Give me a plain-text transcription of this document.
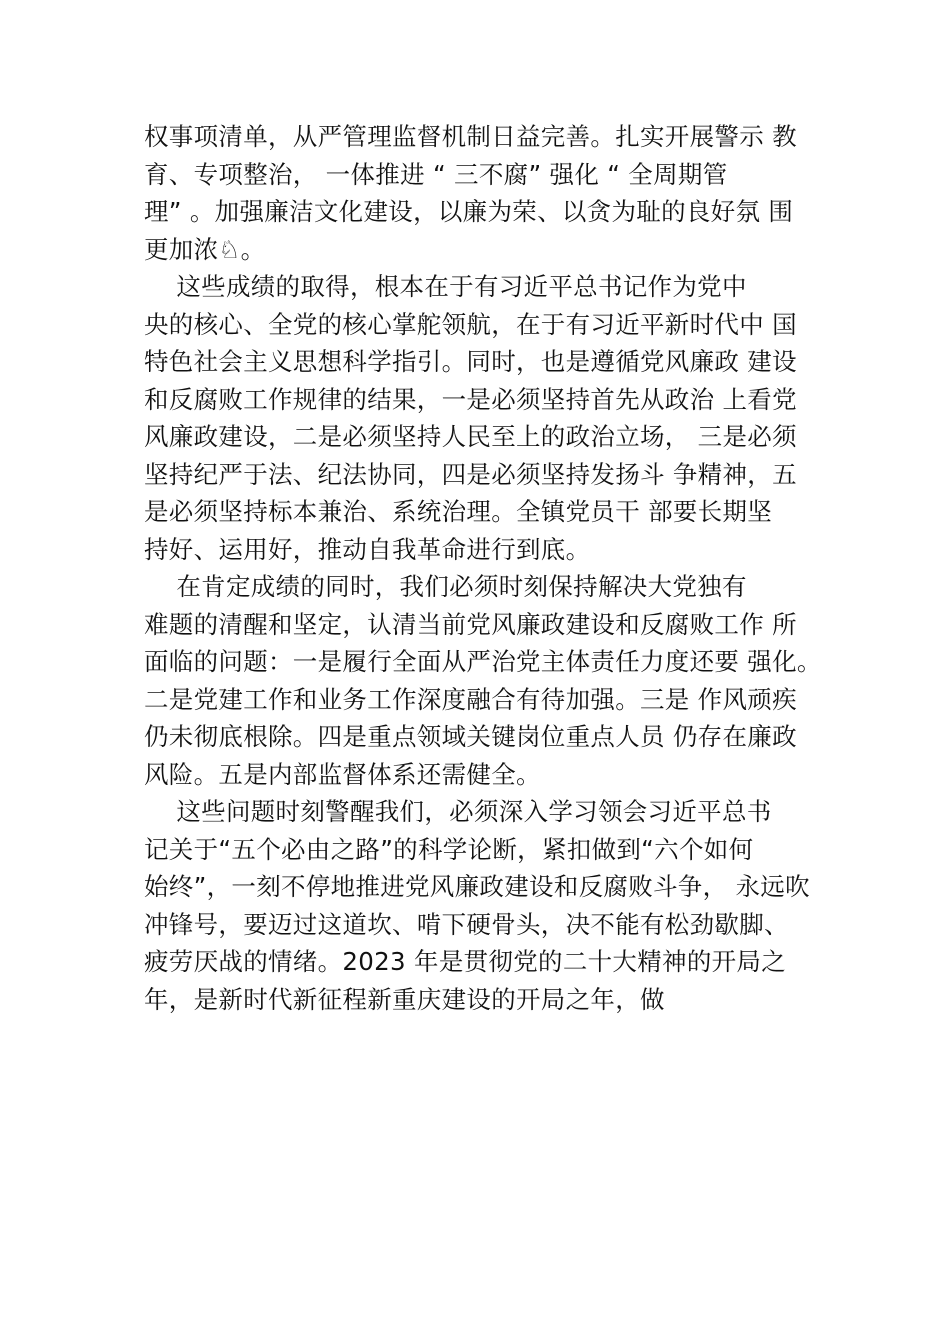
权事项清单，从严管理监督机制日益完善。扎实开展警示 教
育、专项整治， 一体推进 “ 三不腐” 强化 “ 全周期管
理” 。加强廉洁文化建设，以廉为荣、以贪为耻的良好氛 围
更加浓♘。
这些成绩的取得，根本在于有习近平总书记作为党中
央的核心、全党的核心掌舵领航，在于有习近平新时代中 国
特色社会主义思想科学指引。同时，也是遵循党风廉政 建设
和反腐败工作规律的结果，一是必须坚持首先从政治 上看党
风廉政建设，二是必须坚持人民至上的政治立场， 三是必须
坚持纪严于法、纪法协同，四是必须坚持发扬斗 争精神，五
是必须坚持标本兼治、系统治理。全镇党员干 部要长期坚
持好、运用好，推动自我革命进行到底。
在肯定成绩的同时，我们必须时刻保持解决大党独有
难题的清醒和坚定，认清当前党风廉政建设和反腐败工作 所
面临的问题：一是履行全面从严治党主体责任力度还要 强化。
二是党建工作和业务工作深度融合有待加强。三是 作风顽疾
仍未彻底根除。四是重点领域关键岗位重点人员 仍存在廉政
风险。五是内部监督体系还需健全。
这些问题时刻警醒我们，必须深入学习领会习近平总书
记关于“五个必由之路”的科学论断，紧扣做到“六个如何
始终”，一刻不停地推进党风廉政建设和反腐败斗争， 永远吹
冲锋号，要迈过这道坎、啃下硬骨头，决不能有松劲歇脚、
疲劳厌战的情绪。2023 年是贯彻党的二十大精神的开局之
年，是新时代新征程新重庆建设的开局之年，做
